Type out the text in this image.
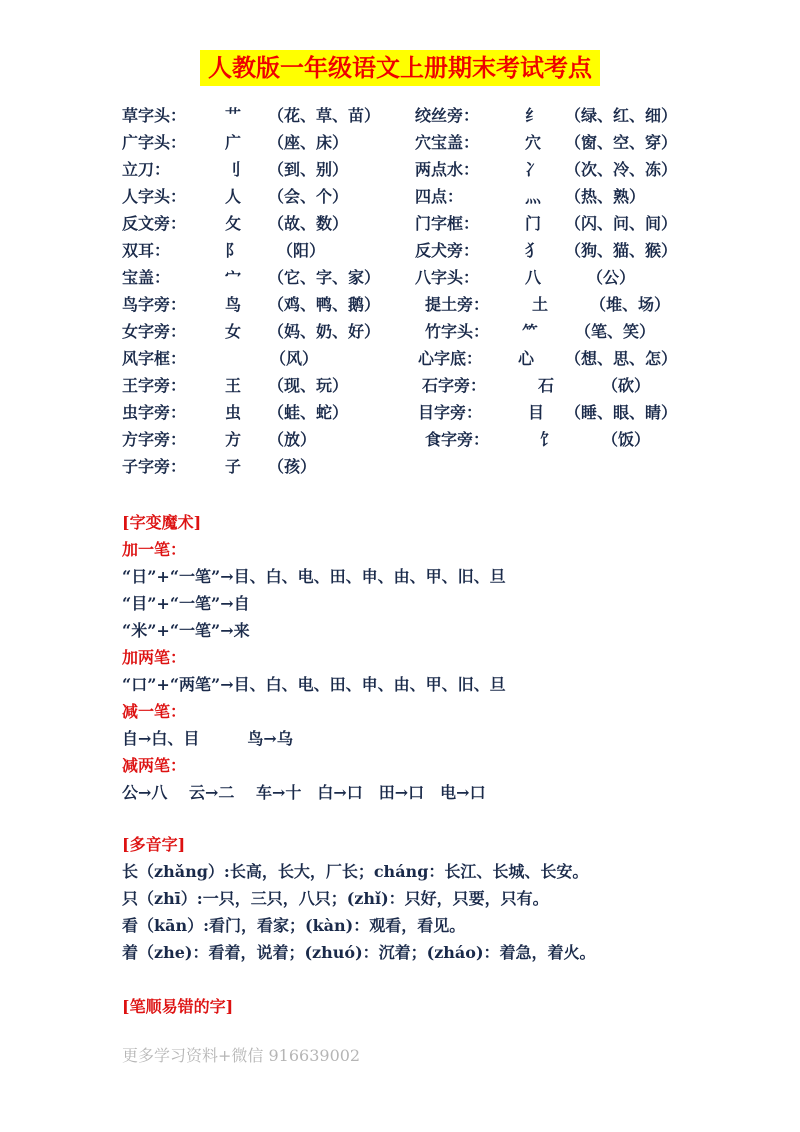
人教版一年级语文上册期末考试考点
草字头： 艹 （花、草、苗） 绞丝旁：	纟 （绿、红、细）
广字头： 广 （座、床）	穴宝盖：	穴 （窗、空、穿）
立刀：	刂 （到、别）	两点水：	冫 （次、冷、冻）
人字头： 人 （会、个）	四点：	灬 （热、熟）
反文旁： 攵 （故、数）	门字框：	门 （闪、问、间）
双耳：	阝 （阳）	反犬旁：	犭 （狗、猫、猴）
宝盖：	宀 （它、字、家） 八字头：	八	（公）
鸟字旁： 鸟 （鸡、鸭、鹅）	提土旁：	土	（堆、场）
女字旁： 女 （妈、奶、好）	竹字头： ⺮ （笔、笑）
风字框：	（风）	心字底： 心 （想、思、怎）
王字旁： 王 （现、玩）	石字旁：	石	（砍）
虫字旁： 虫 （蛙、蛇）	目字旁：	目 （睡、眼、睛）
方字旁： 方 （放）	食字旁：	饣	（饭）
子字旁： 子 （孩）
[字变魔术]
加一笔：
“日”+“一笔”→目、白、电、田、申、由、甲、旧、旦
“目”+“一笔”→自
“米”+“一笔”→来
加两笔：
“口”+“两笔”→目、白、电、田、申、由、甲、旧、旦
减一笔：
自→白、目　　　鸟→乌
减两笔：
公→八　 云→二　 车→十　白→口　田→口　电→口
[多音字]
长（zhǎng）:长高，长大，厂长；cháng：长江、长城、长安。
只（zhī）:一只，三只，八只；(zhǐ)：只好，只要，只有。
看（kān）:看门，看家；(kàn)：观看，看见。
着（zhe)：看着，说着；(zhuó)：沉着；(zháo)：着急，着火。
[笔顺易错的字]
更多学习资料+微信 916639002
